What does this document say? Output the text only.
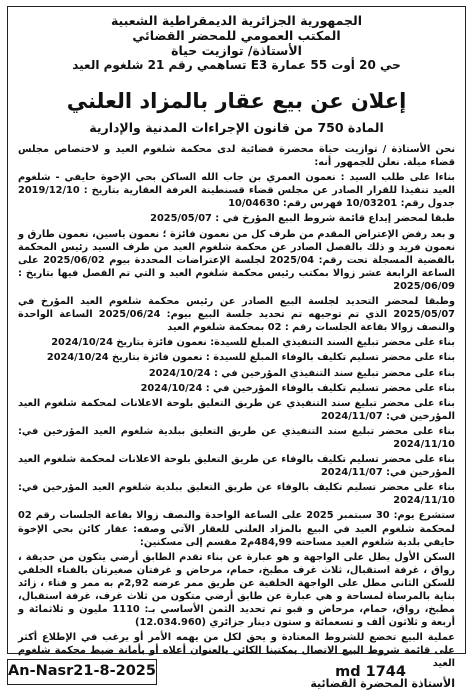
الجمهورية الجزائرية الديمقراطية الشعبية
المكتب العمومي للمحضر القضائي
الأستاذة/ توازيت حياة
حي 20 أوت 55 عمارة E3 تساهمي رقم 21 شلغوم العيد
إعلان عن بيع عقار بالمزاد العلني
المادة 750 من قانون الإجراءات المدنية والإدارية

نحن الأستاذة / توازيت حياة محضرة قضائية لدى محكمة شلغوم العيد و لاختصاص مجلس قضاء ميلة. نعلن للجمهور أنه:

بناءا على طلب السيد : نعمون العمري بن جاب الله الساكن بحي الإخوة حايفي - شلغوم العيد تنفيذا للقرار الصادر عن مجلس قضاء قسنطينة الغرفة العقارية بتاريخ : 2019/12/10 جدول رقم: 10/03201 فهرس رقم: 10/04630

طبقا لمحضر إيداع قائمة شروط البيع المؤرخ في : 2025/05/07

و بعد رفض الإعتراض المقدم من طرف كل من نعمون فائزة ؛ نعمون ياسين، نعمون طارق و نعمون فريد و ذلك بالفصل الصادر عن محكمة شلغوم العيد من طرف السيد رئيس المحكمة بالقضية المسجلة تحت رقم: 2025/04 لجلسة الإعتراضات المحددة بيوم 2025/06/02 على الساعة الرابعة عشر زوالا بمكتب رئيس محكمة شلغوم العيد و التي تم الفصل فيها بتاريخ : 2025/06/09

وطبقا لمحضر التحديد لجلسة البيع الصادر عن رئيس محكمة شلغوم العيد المؤرخ في 2025/05/07 الذي تم توجيهه تم تحديد جلسة البيع بيوم: 2025/06/24 الساعة الواحدة والنصف زوالا بقاعة الجلسات رقم : 02 بمحكمة شلغوم العيد

بناء على محضر تبليغ السند التنفيذي المبلغ للسيدة: نعمون فائزة بتاريخ 2024/10/24

بناء على محضر تسليم تكليف بالوفاء المبلغ للسيدة : نعمون فائزة بتاريخ 2024/10/24

بناء على محضر تبليغ سند التنفيذي المؤرخين في : 2024/10/24

بناء على محضر تسليم تكليف بالوفاء المؤرخين في : 2024/10/24

بناء على محضر تبليغ سند التنفيذي عن طريق التعليق بلوحة الاعلانات لمحكمة شلغوم العيد المؤرخين في: 2024/11/07

بناء على محضر تبليغ سند التنفيذي عن طريق التعليق ببلدية شلغوم العيد المؤرخين في: 2024/11/10

بناء على محضر تسليم تكليف بالوفاء عن طريق التعليق بلوحة الاعلانات لمحكمة شلغوم العيد المؤرخين في: 2024/11/07

بناء على محضر تسليم تكليف بالوفاء عن طريق التعليق ببلدية شلغوم العيد المؤرخين في: 2024/11/10

ستشرع يوم: 30 سبتمبر 2025 على الساعة الواحدة والنصف زوالا بقاعة الجلسات رقم 02 لمحكمة شلغوم العيد في البيع بالمزاد العلني للعقار الآتي وصفه: عقار كائن بحي الإخوة حايفي بلدية شلغوم العيد مساحته 484,99م2 مقسم إلى مسكنين:

السكن الأول يطل على الواجهة و هو عبارة عن بناء تقدم الطابق أرضي يتكون من حديقة ، رواق ، غرفة استقبال، ثلاث غرف مطبخ، حمام، مرحاض و غرفتان صغيرتان بالفناء الخلفي للسكن الثاني مطل على الواجهة الخلفية عن طريق ممر عرضه 2,92م به ممر و فناء ، زائد بناية بالمرساة لمساحة و هي عبارة عن طابق أرضي متكون من ثلاث غرف، غرفة استقبال، مطبخ، رواق، حمام، مرحاض و قبو تم تحديد الثمن الأساسي بـ: 1110 مليون و ثلاثمائة و أربعة و ثلاثون ألف و تسعمائة و ستون دينار جزائري (12.034.960)

عملية البيع تخضع للشروط المعتادة و يحق لكل من يهمه الأمر أو يرغب في الإطلاع أكثر على قائمة شروط البيع الاتصال بمكتبنا الكائن بالعنوان أعلاه أو بأمانة ضبط محكمة شلغوم العيد

الأستاذة المحضرة القضائية
An-Nasr21-8-2025	md 1744
